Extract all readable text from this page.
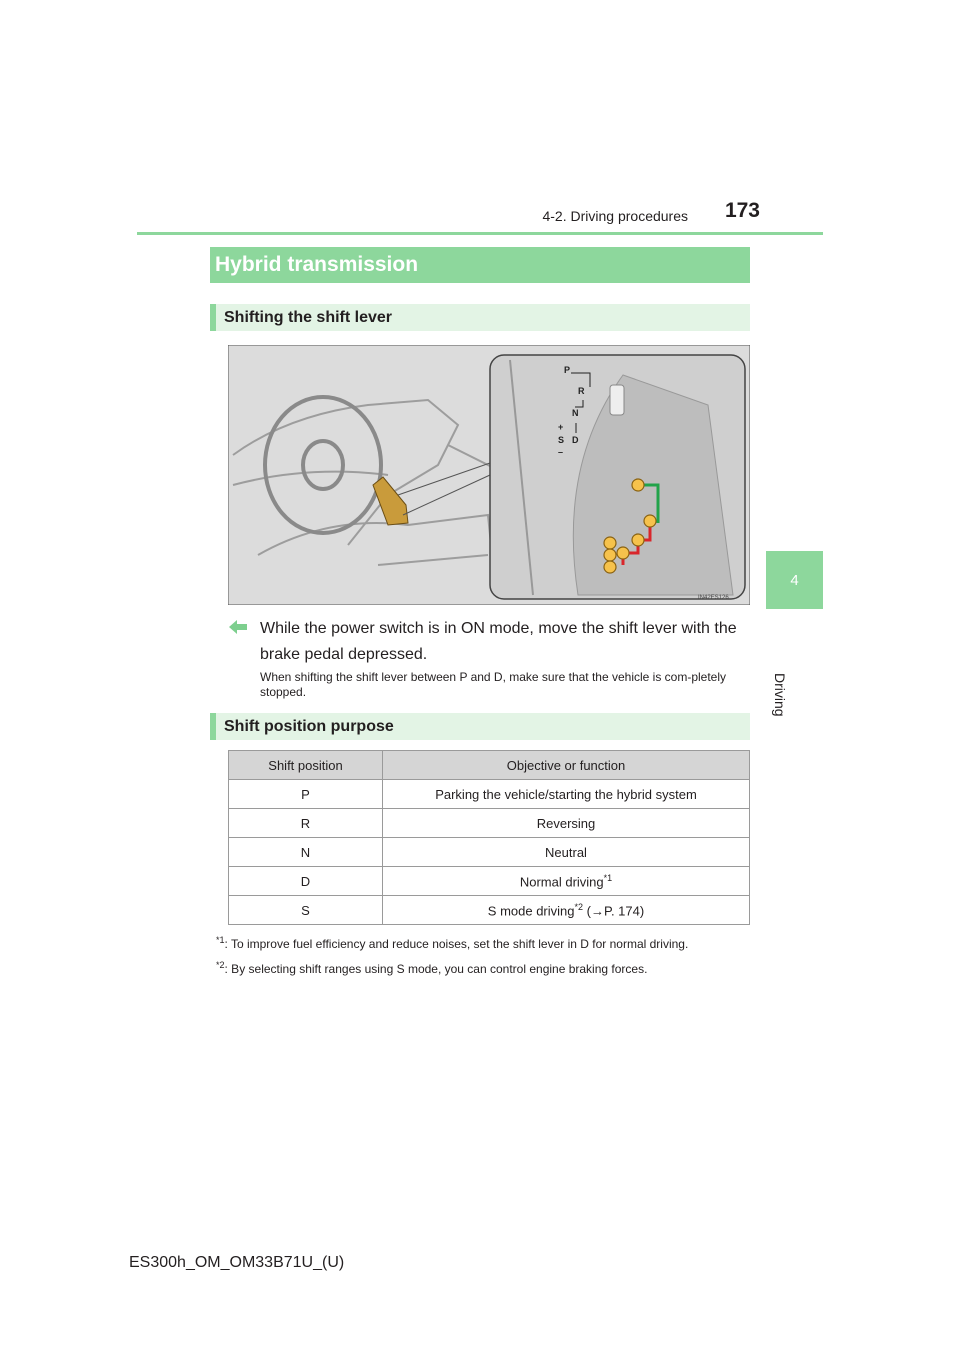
4-2. Driving procedures	173
4
Driving
Hybrid transmission
Shifting the shift lever
P
R
N
D
+
S
–
IN42ES126
While the power switch is in ON mode, move the shift lever with the brake pedal depressed.
When shifting the shift lever between P and D, make sure that the vehicle is com-pletely stopped.
Shift position purpose
Shift position	Objective or function
P	Parking the vehicle/starting the hybrid system
R	Reversing
N	Neutral
D	Normal driving$^{*1}$
S	S mode driving$^{*2}$ (→P. 174)
$^{*1}$: To improve fuel efficiency and reduce noises, set the shift lever in D for normal driving.
$^{*2}$: By selecting shift ranges using S mode, you can control engine braking forces.
ES300h_OM_OM33B71U_(U)
